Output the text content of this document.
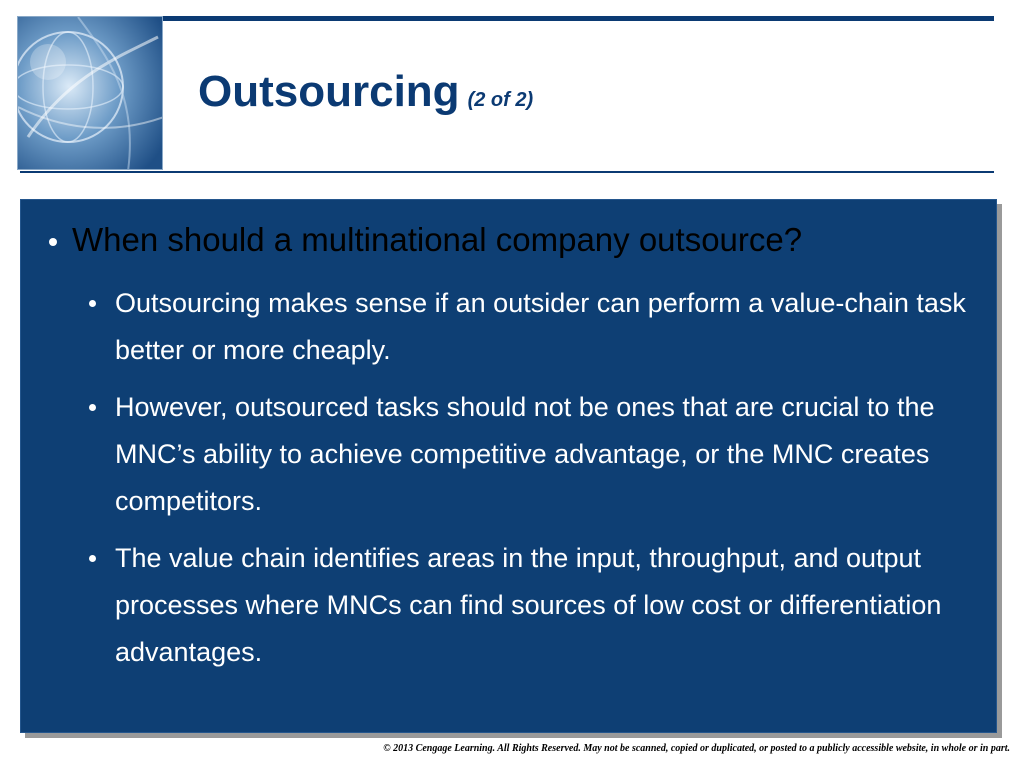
Outsourcing (2 of 2)
When should a multinational company outsource?
Outsourcing makes sense if an outsider can perform a value-chain task better or more cheaply.
However, outsourced tasks should not be ones that are crucial to the MNC’s ability to achieve competitive advantage, or the MNC creates competitors.
The value chain identifies areas in the input, throughput, and output processes where MNCs can find sources of low cost or differentiation advantages.

© 2013 Cengage Learning. All Rights Reserved. May not be scanned, copied or duplicated, or posted to a publicly accessible website, in whole or in part.
